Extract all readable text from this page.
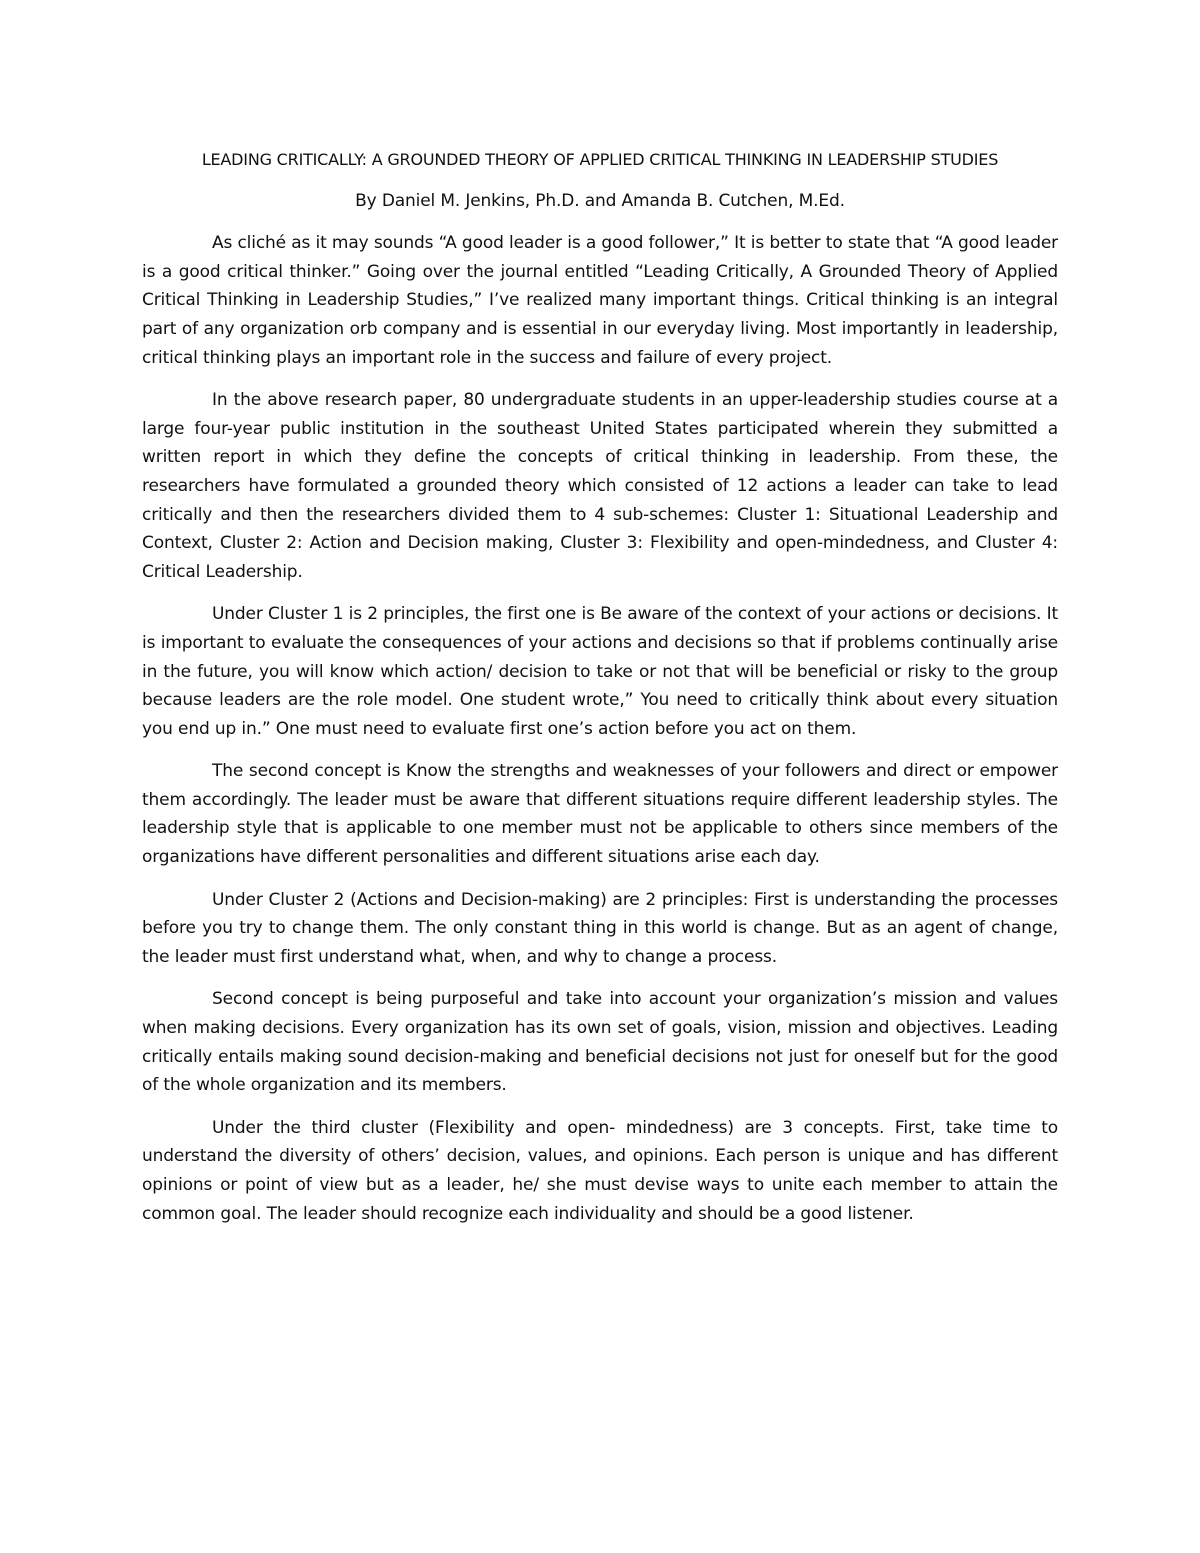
LEADING CRITICALLY: A GROUNDED THEORY OF APPLIED CRITICAL THINKING IN LEADERSHIP STUDIES

By Daniel M. Jenkins, Ph.D. and Amanda B. Cutchen, M.Ed.

As cliché as it may sounds “A good leader is a good follower,” It is better to state that “A good leader is a good critical thinker.” Going over the journal entitled “Leading Critically, A Grounded Theory of Applied Critical Thinking in Leadership Studies,” I’ve realized many important things. Critical thinking is an integral part of any organization orb company and is essential in our everyday living. Most importantly in leadership, critical thinking plays an important role in the success and failure of every project.

In the above research paper, 80 undergraduate students in an upper-leadership studies course at a large four-year public institution in the southeast United States participated wherein they submitted a written report in which they define the concepts of critical thinking in leadership. From these, the researchers have formulated a grounded theory which consisted of 12 actions a leader can take to lead critically and then the researchers divided them to 4 sub-schemes: Cluster 1: Situational Leadership and Context, Cluster 2: Action and Decision making, Cluster 3: Flexibility and open-mindedness, and Cluster 4: Critical Leadership.

Under Cluster 1 is 2 principles, the first one is Be aware of the context of your actions or decisions. It is important to evaluate the consequences of your actions and decisions so that if problems continually arise in the future, you will know which action/ decision to take or not that will be beneficial or risky to the group because leaders are the role model. One student wrote,” You need to critically think about every situation you end up in.” One must need to evaluate first one’s action before you act on them.

The second concept is Know the strengths and weaknesses of your followers and direct or empower them accordingly. The leader must be aware that different situations require different leadership styles. The leadership style that is applicable to one member must not be applicable to others since members of the organizations have different personalities and different situations arise each day.

Under Cluster 2 (Actions and Decision-making) are 2 principles: First is understanding the processes before you try to change them. The only constant thing in this world is change. But as an agent of change, the leader must first understand what, when, and why to change a process.

Second concept is being purposeful and take into account your organization’s mission and values when making decisions. Every organization has its own set of goals, vision, mission and objectives. Leading critically entails making sound decision-making and beneficial decisions not just for oneself but for the good of the whole organization and its members.

Under the third cluster (Flexibility and open- mindedness) are 3 concepts. First, take time to understand the diversity of others’ decision, values, and opinions. Each person is unique and has different opinions or point of view but as a leader, he/ she must devise ways to unite each member to attain the common goal. The leader should recognize each individuality and should be a good listener.
